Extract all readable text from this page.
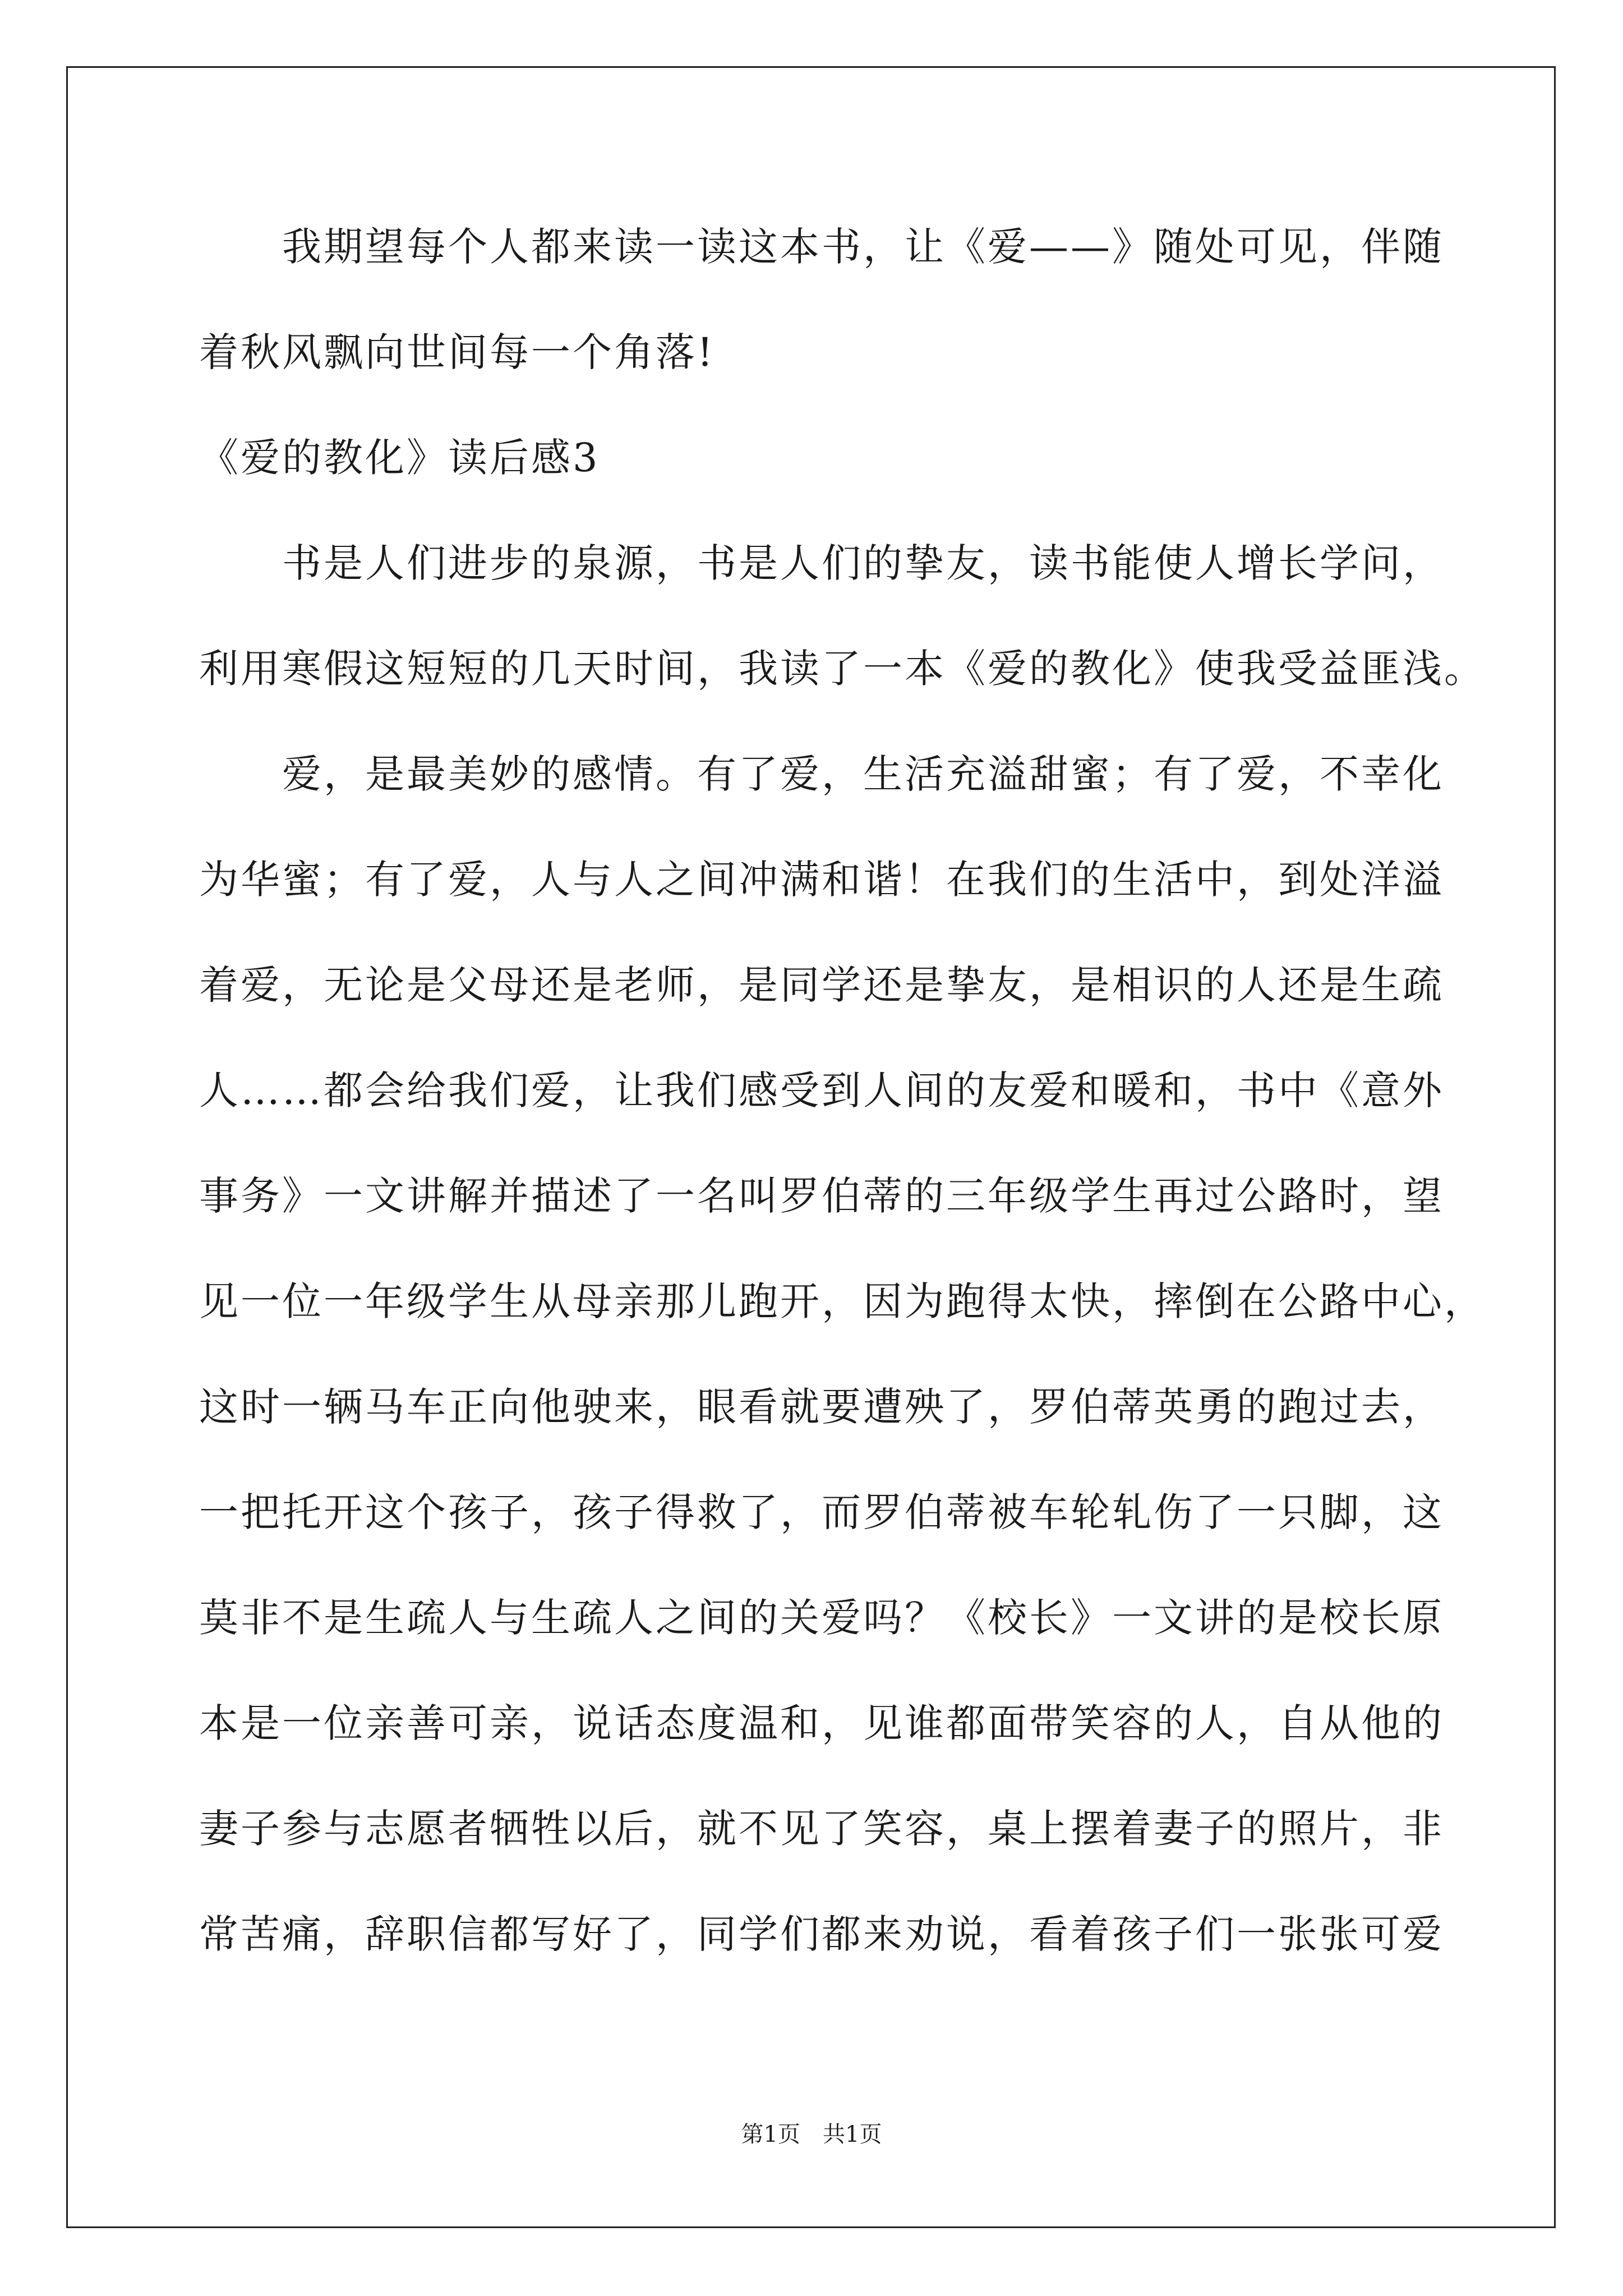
我期望每个人都来读一读这本书，让《爱——》随处可见，伴随
着秋风飘向世间每一个角落!
《爱的教化》读后感3
书是人们进步的泉源，书是人们的挚友，读书能使人增长学问，
利用寒假这短短的几天时间，我读了一本《爱的教化》使我受益匪浅。
爱，是最美妙的感情。有了爱，生活充溢甜蜜；有了爱，不幸化
为华蜜；有了爱，人与人之间冲满和谐！在我们的生活中，到处洋溢
着爱，无论是父母还是老师，是同学还是挚友，是相识的人还是生疏
人……都会给我们爱，让我们感受到人间的友爱和暖和，书中《意外
事务》一文讲解并描述了一名叫罗伯蒂的三年级学生再过公路时，望
见一位一年级学生从母亲那儿跑开，因为跑得太快，摔倒在公路中心，
这时一辆马车正向他驶来，眼看就要遭殃了，罗伯蒂英勇的跑过去，
一把托开这个孩子，孩子得救了，而罗伯蒂被车轮轧伤了一只脚，这
莫非不是生疏人与生疏人之间的关爱吗？《校长》一文讲的是校长原
本是一位亲善可亲，说话态度温和，见谁都面带笑容的人，自从他的
妻子参与志愿者牺牲以后，就不见了笑容，桌上摆着妻子的照片，非
常苦痛，辞职信都写好了，同学们都来劝说，看着孩子们一张张可爱
第1页　共1页
